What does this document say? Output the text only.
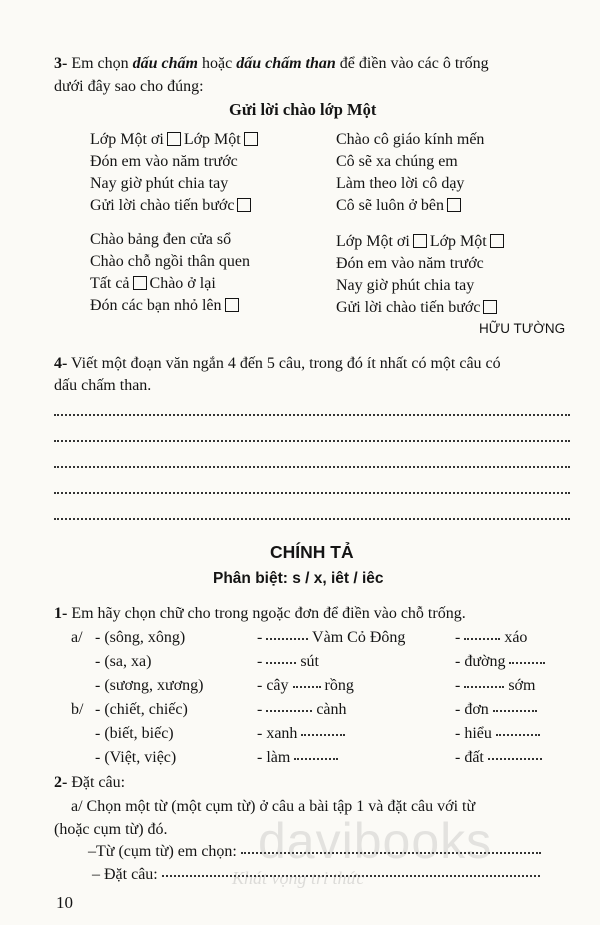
3- Em chọn dấu chấm hoặc dấu chấm than để điền vào các ô trống
dưới đây sao cho đúng:
Gửi lời chào lớp Một
Lớp Một ơi Lớp Một
Đón em vào năm trước
Nay giờ phút chia tay
Gửi lời chào tiến bước
Chào cô giáo kính mến
Cô sẽ xa chúng em
Làm theo lời cô dạy
Cô sẽ luôn ở bên
Chào bảng đen cửa sổ
Chào chỗ ngồi thân quen
Tất cả Chào ở lại
Đón các bạn nhỏ lên
Lớp Một ơi Lớp Một
Đón em vào năm trước
Nay giờ phút chia tay
Gửi lời chào tiến bước
HỮU TƯỜNG
4- Viết một đoạn văn ngắn 4 đến 5 câu, trong đó ít nhất có một câu có
dấu chấm than.
CHÍNH TẢ
Phân biệt: s / x, iêt / iêc
1- Em hãy chọn chữ cho trong ngoặc đơn để điền vào chỗ trống.
a/ - (sông, xông)	-	Vàm Cỏ Đông	-	xáo
- (sa, xa)	- sút	- đường
- (sương, xương)	- cây rồng	-	sớm
b/ - (chiết, chiếc)	-	cành	- đơn
- (biết, biếc)	- xanh	- hiểu
- (Việt, việc)	- làm	- đất
2- Đặt câu:
a/ Chọn một từ (một cụm từ) ở câu a bài tập 1 và đặt câu với từ
(hoặc cụm từ) đó.
–Từ (cụm từ) em chọn:
– Đặt câu:
davibooks
Khát vọng tri thức
10
